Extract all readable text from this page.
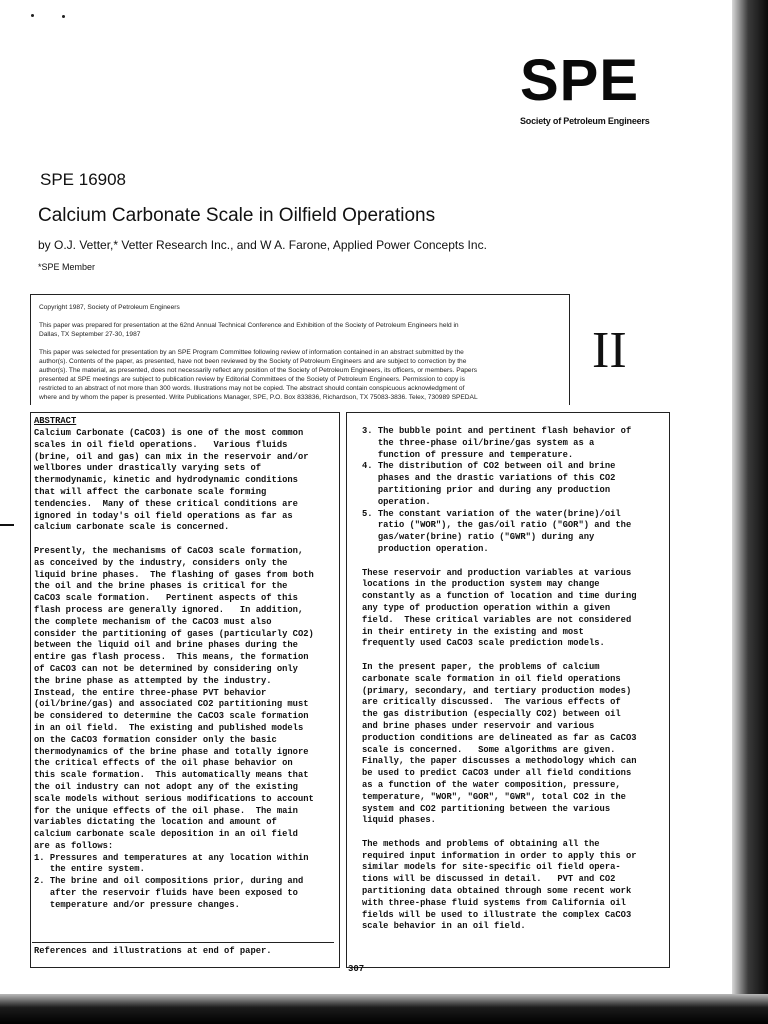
SPE
Society of Petroleum Engineers
SPE 16908
Calcium Carbonate Scale in Oilfield Operations
by O.J. Vetter,* Vetter Research Inc., and W A. Farone, Applied Power Concepts Inc.
*SPE Member
Copyright 1987, Society of Petroleum Engineers
This paper was prepared for presentation at the 62nd Annual Technical Conference and Exhibition of the Society of Petroleum Engineers held in
Dallas, TX September 27-30, 1987
This paper was selected for presentation by an SPE Program Committee following review of information contained in an abstract submitted by the
author(s). Contents of the paper, as presented, have not been reviewed by the Society of Petroleum Engineers and are subject to correction by the
author(s). The material, as presented, does not necessarily reflect any position of the Society of Petroleum Engineers, its officers, or members. Papers
presented at SPE meetings are subject to publication review by Editorial Committees of the Society of Petroleum Engineers. Permission to copy is
restricted to an abstract of not more than 300 words. Illustrations may not be copied. The abstract should contain conspicuous acknowledgment of
where and by whom the paper is presented. Write Publications Manager, SPE, P.O. Box 833836, Richardson, TX 75083-3836. Telex, 730989 SPEDAL
II
ABSTRACT
Calcium Carbonate (CaCO3) is one of the most common
scales in oil field operations.   Various fluids
(brine, oil and gas) can mix in the reservoir and/or
wellbores under drastically varying sets of
thermodynamic, kinetic and hydrodynamic conditions
that will affect the carbonate scale forming
tendencies.  Many of these critical conditions are
ignored in today's oil field operations as far as
calcium carbonate scale is concerned.

Presently, the mechanisms of CaCO3 scale formation,
as conceived by the industry, considers only the
liquid brine phases.  The flashing of gases from both
the oil and the brine phases is critical for the
CaCO3 scale formation.   Pertinent aspects of this
flash process are generally ignored.   In addition,
the complete mechanism of the CaCO3 must also
consider the partitioning of gases (particularly CO2)
between the liquid oil and brine phases during the
entire gas flash process.  This means, the formation
of CaCO3 can not be determined by considering only
the brine phase as attempted by the industry.
Instead, the entire three-phase PVT behavior
(oil/brine/gas) and associated CO2 partitioning must
be considered to determine the CaCO3 scale formation
in an oil field.  The existing and published models
on the CaCO3 formation consider only the basic
thermodynamics of the brine phase and totally ignore
the critical effects of the oil phase behavior on
this scale formation.  This automatically means that
the oil industry can not adopt any of the existing
scale models without serious modifications to account
for the unique effects of the oil phase.  The main
variables dictating the location and amount of
calcium carbonate scale deposition in an oil field
are as follows:
1. Pressures and temperatures at any location within
the entire system.
2. The brine and oil compositions prior, during and
after the reservoir fluids have been exposed to
temperature and/or pressure changes.
References and illustrations at end of paper.
3. The bubble point and pertinent flash behavior of
the three-phase oil/brine/gas system as a
function of pressure and temperature.
4. The distribution of CO2 between oil and brine
phases and the drastic variations of this CO2
partitioning prior and during any production
operation.
5. The constant variation of the water(brine)/oil
ratio ("WOR"), the gas/oil ratio ("GOR") and the
gas/water(brine) ratio ("GWR") during any
production operation.

These reservoir and production variables at various
locations in the production system may change
constantly as a function of location and time during
any type of production operation within a given
field.  These critical variables are not considered
in their entirety in the existing and most
frequently used CaCO3 scale prediction models.

In the present paper, the problems of calcium
carbonate scale formation in oil field operations
(primary, secondary, and tertiary production modes)
are critically discussed.  The various effects of
the gas distribution (especially CO2) between oil
and brine phases under reservoir and various
production conditions are delineated as far as CaCO3
scale is concerned.   Some algorithms are given.
Finally, the paper discusses a methodology which can
be used to predict CaCO3 under all field conditions
as a function of the water composition, pressure,
temperature, "WOR", "GOR", "GWR", total CO2 in the
system and CO2 partitioning between the various
liquid phases.

The methods and problems of obtaining all the
required input information in order to apply this or
similar models for site-specific oil field opera-
tions will be discussed in detail.   PVT and CO2
partitioning data obtained through some recent work
with three-phase fluid systems from California oil
fields will be used to illustrate the complex CaCO3
scale behavior in an oil field.
307
